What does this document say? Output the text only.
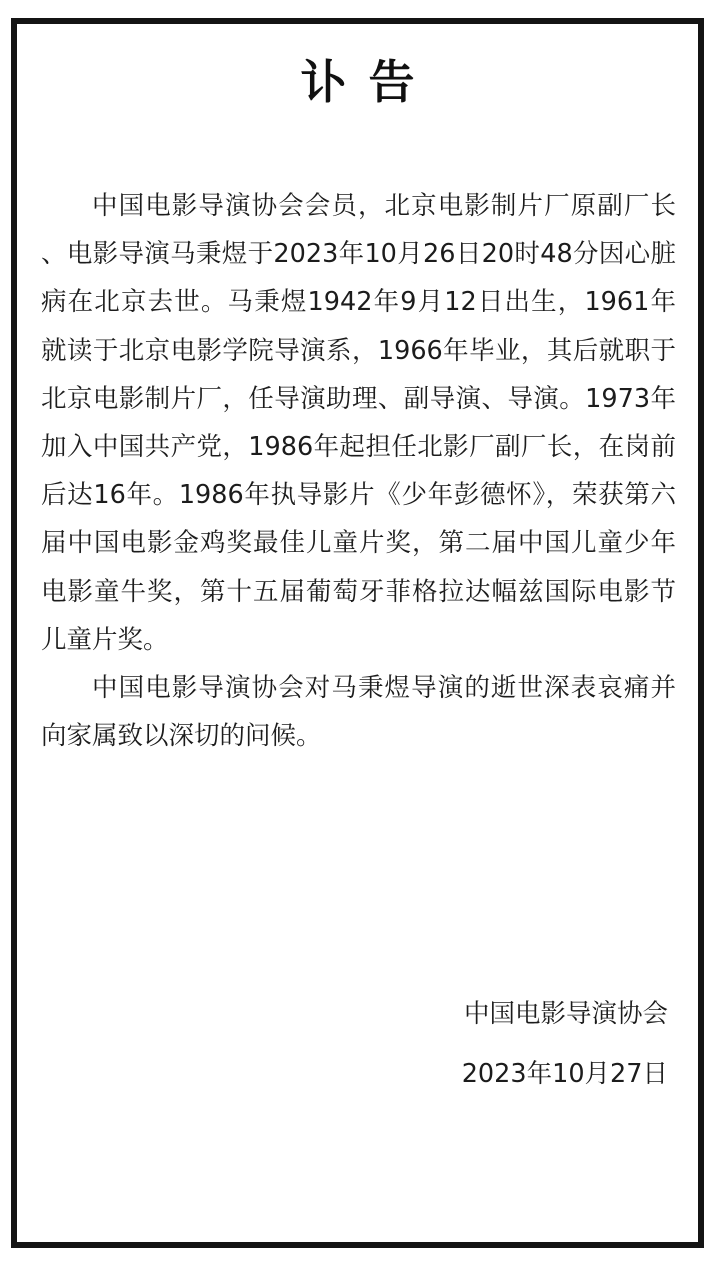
讣告

中国电影导演协会会员，北京电影制片厂原副厂长、电影导演马秉煜于2023年10月26日20时48分因心脏病在北京去世。马秉煜1942年9月12日出生，1961年就读于北京电影学院导演系，1966年毕业，其后就职于北京电影制片厂，任导演助理、副导演、导演。1973年加入中国共产党，1986年起担任北影厂副厂长，在岗前后达16年。1986年执导影片《少年彭德怀》，荣获第六届中国电影金鸡奖最佳儿童片奖，第二届中国儿童少年电影童牛奖，第十五届葡萄牙菲格拉达幅兹国际电影节儿童片奖。

中国电影导演协会对马秉煜导演的逝世深表哀痛并向家属致以深切的问候。

中国电影导演协会
2023年10月27日
